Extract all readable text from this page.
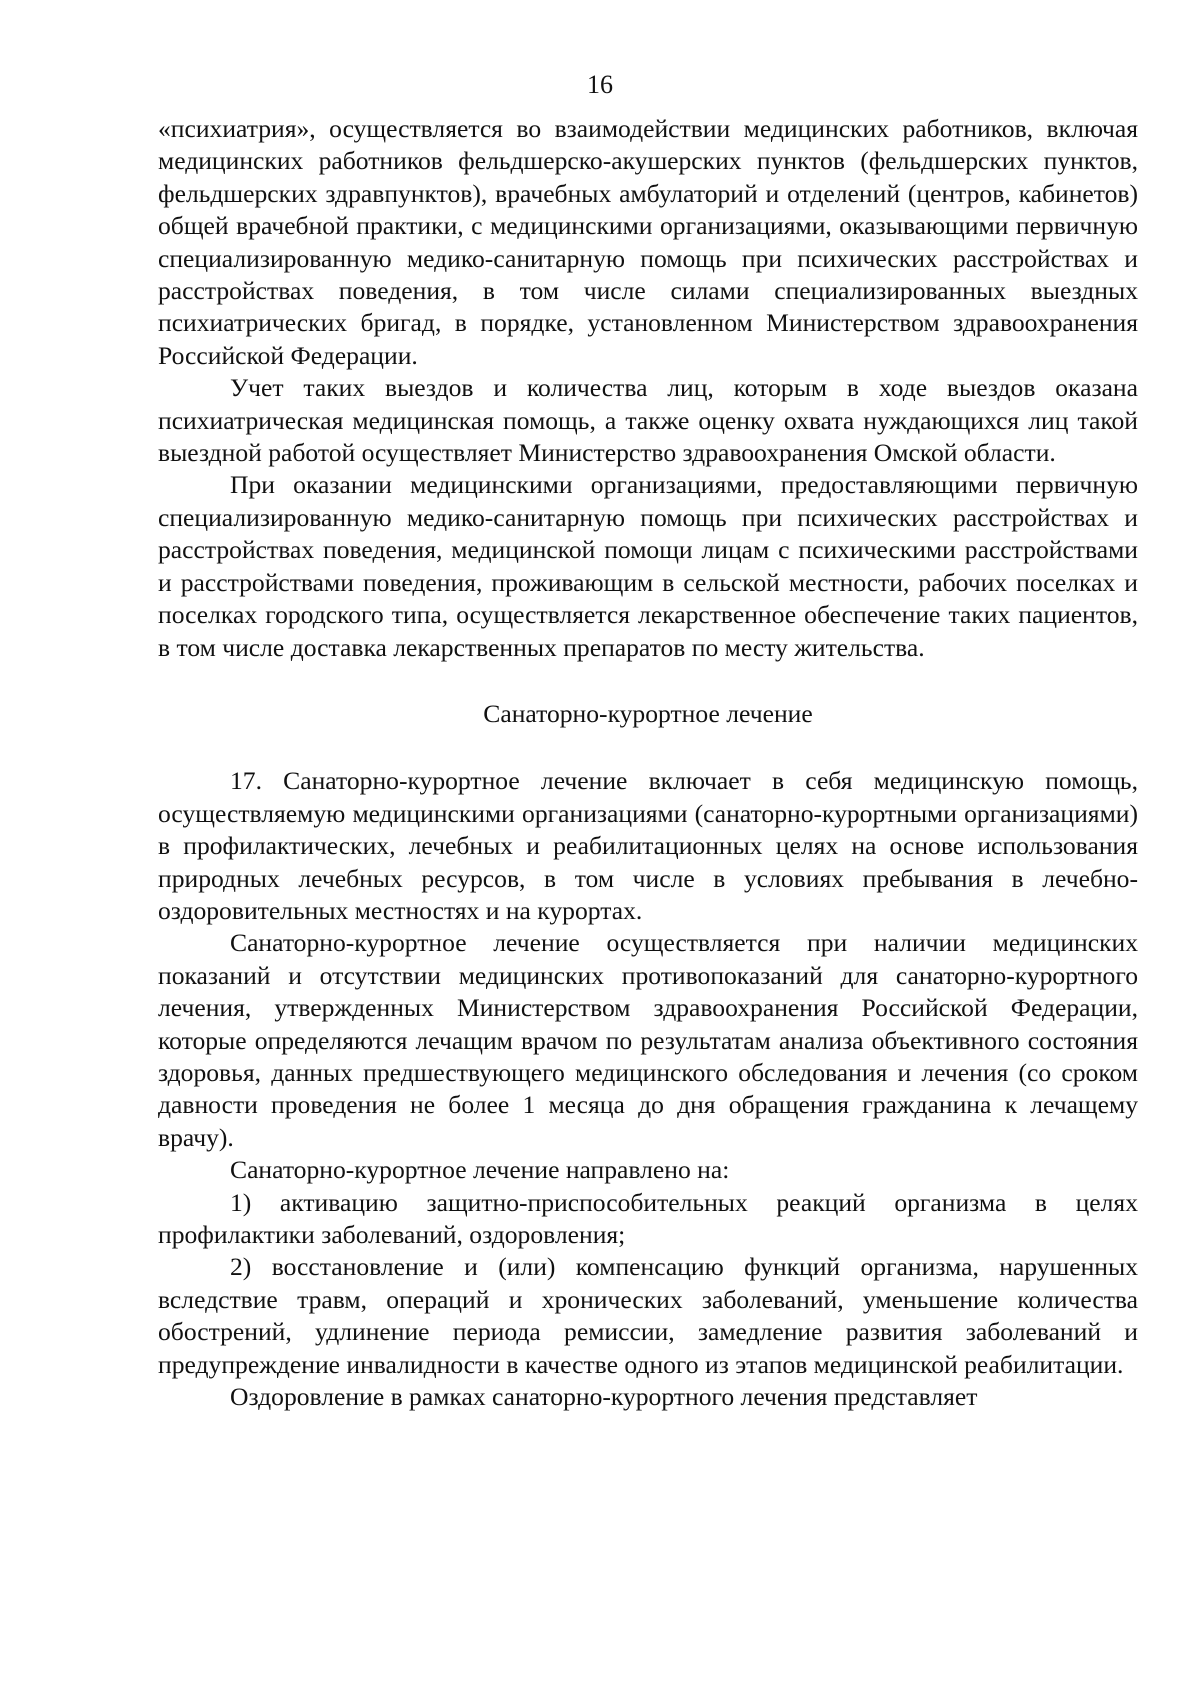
16

«психиатрия», осуществляется во взаимодействии медицинских работников, включая медицинских работников фельдшерско-акушерских пунктов (фельдшерских пунктов, фельдшерских здравпунктов), врачебных амбулаторий и отделений (центров, кабинетов) общей врачебной практики, с медицинскими организациями, оказывающими первичную специализированную медико-санитарную помощь при психических расстройствах и расстройствах поведения, в том числе силами специализированных выездных психиатрических бригад, в порядке, установленном Министерством здравоохранения Российской Федерации.

Учет таких выездов и количества лиц, которым в ходе выездов оказана психиатрическая медицинская помощь, а также оценку охвата нуждающихся лиц такой выездной работой осуществляет Министерство здравоохранения Омской области.

При оказании медицинскими организациями, предоставляющими первичную специализированную медико-санитарную помощь при психических расстройствах и расстройствах поведения, медицинской помощи лицам с психическими расстройствами и расстройствами поведения, проживающим в сельской местности, рабочих поселках и поселках городского типа, осуществляется лекарственное обеспечение таких пациентов, в том числе доставка лекарственных препаратов по месту жительства.

Санаторно-курортное лечение

17. Санаторно-курортное лечение включает в себя медицинскую помощь, осуществляемую медицинскими организациями (санаторно-курортными организациями) в профилактических, лечебных и реабилитационных целях на основе использования природных лечебных ресурсов, в том числе в условиях пребывания в лечебно-оздоровительных местностях и на курортах.

Санаторно-курортное лечение осуществляется при наличии медицинских показаний и отсутствии медицинских противопоказаний для санаторно-курортного лечения, утвержденных Министерством здравоохранения Российской Федерации, которые определяются лечащим врачом по результатам анализа объективного состояния здоровья, данных предшествующего медицинского обследования и лечения (со сроком давности проведения не более 1 месяца до дня обращения гражданина к лечащему врачу).

Санаторно-курортное лечение направлено на:

1) активацию защитно-приспособительных реакций организма в целях профилактики заболеваний, оздоровления;

2) восстановление и (или) компенсацию функций организма, нарушенных вследствие травм, операций и хронических заболеваний, уменьшение количества обострений, удлинение периода ремиссии, замедление развития заболеваний и предупреждение инвалидности в качестве одного из этапов медицинской реабилитации.

Оздоровление в рамках санаторно-курортного лечения представляет
